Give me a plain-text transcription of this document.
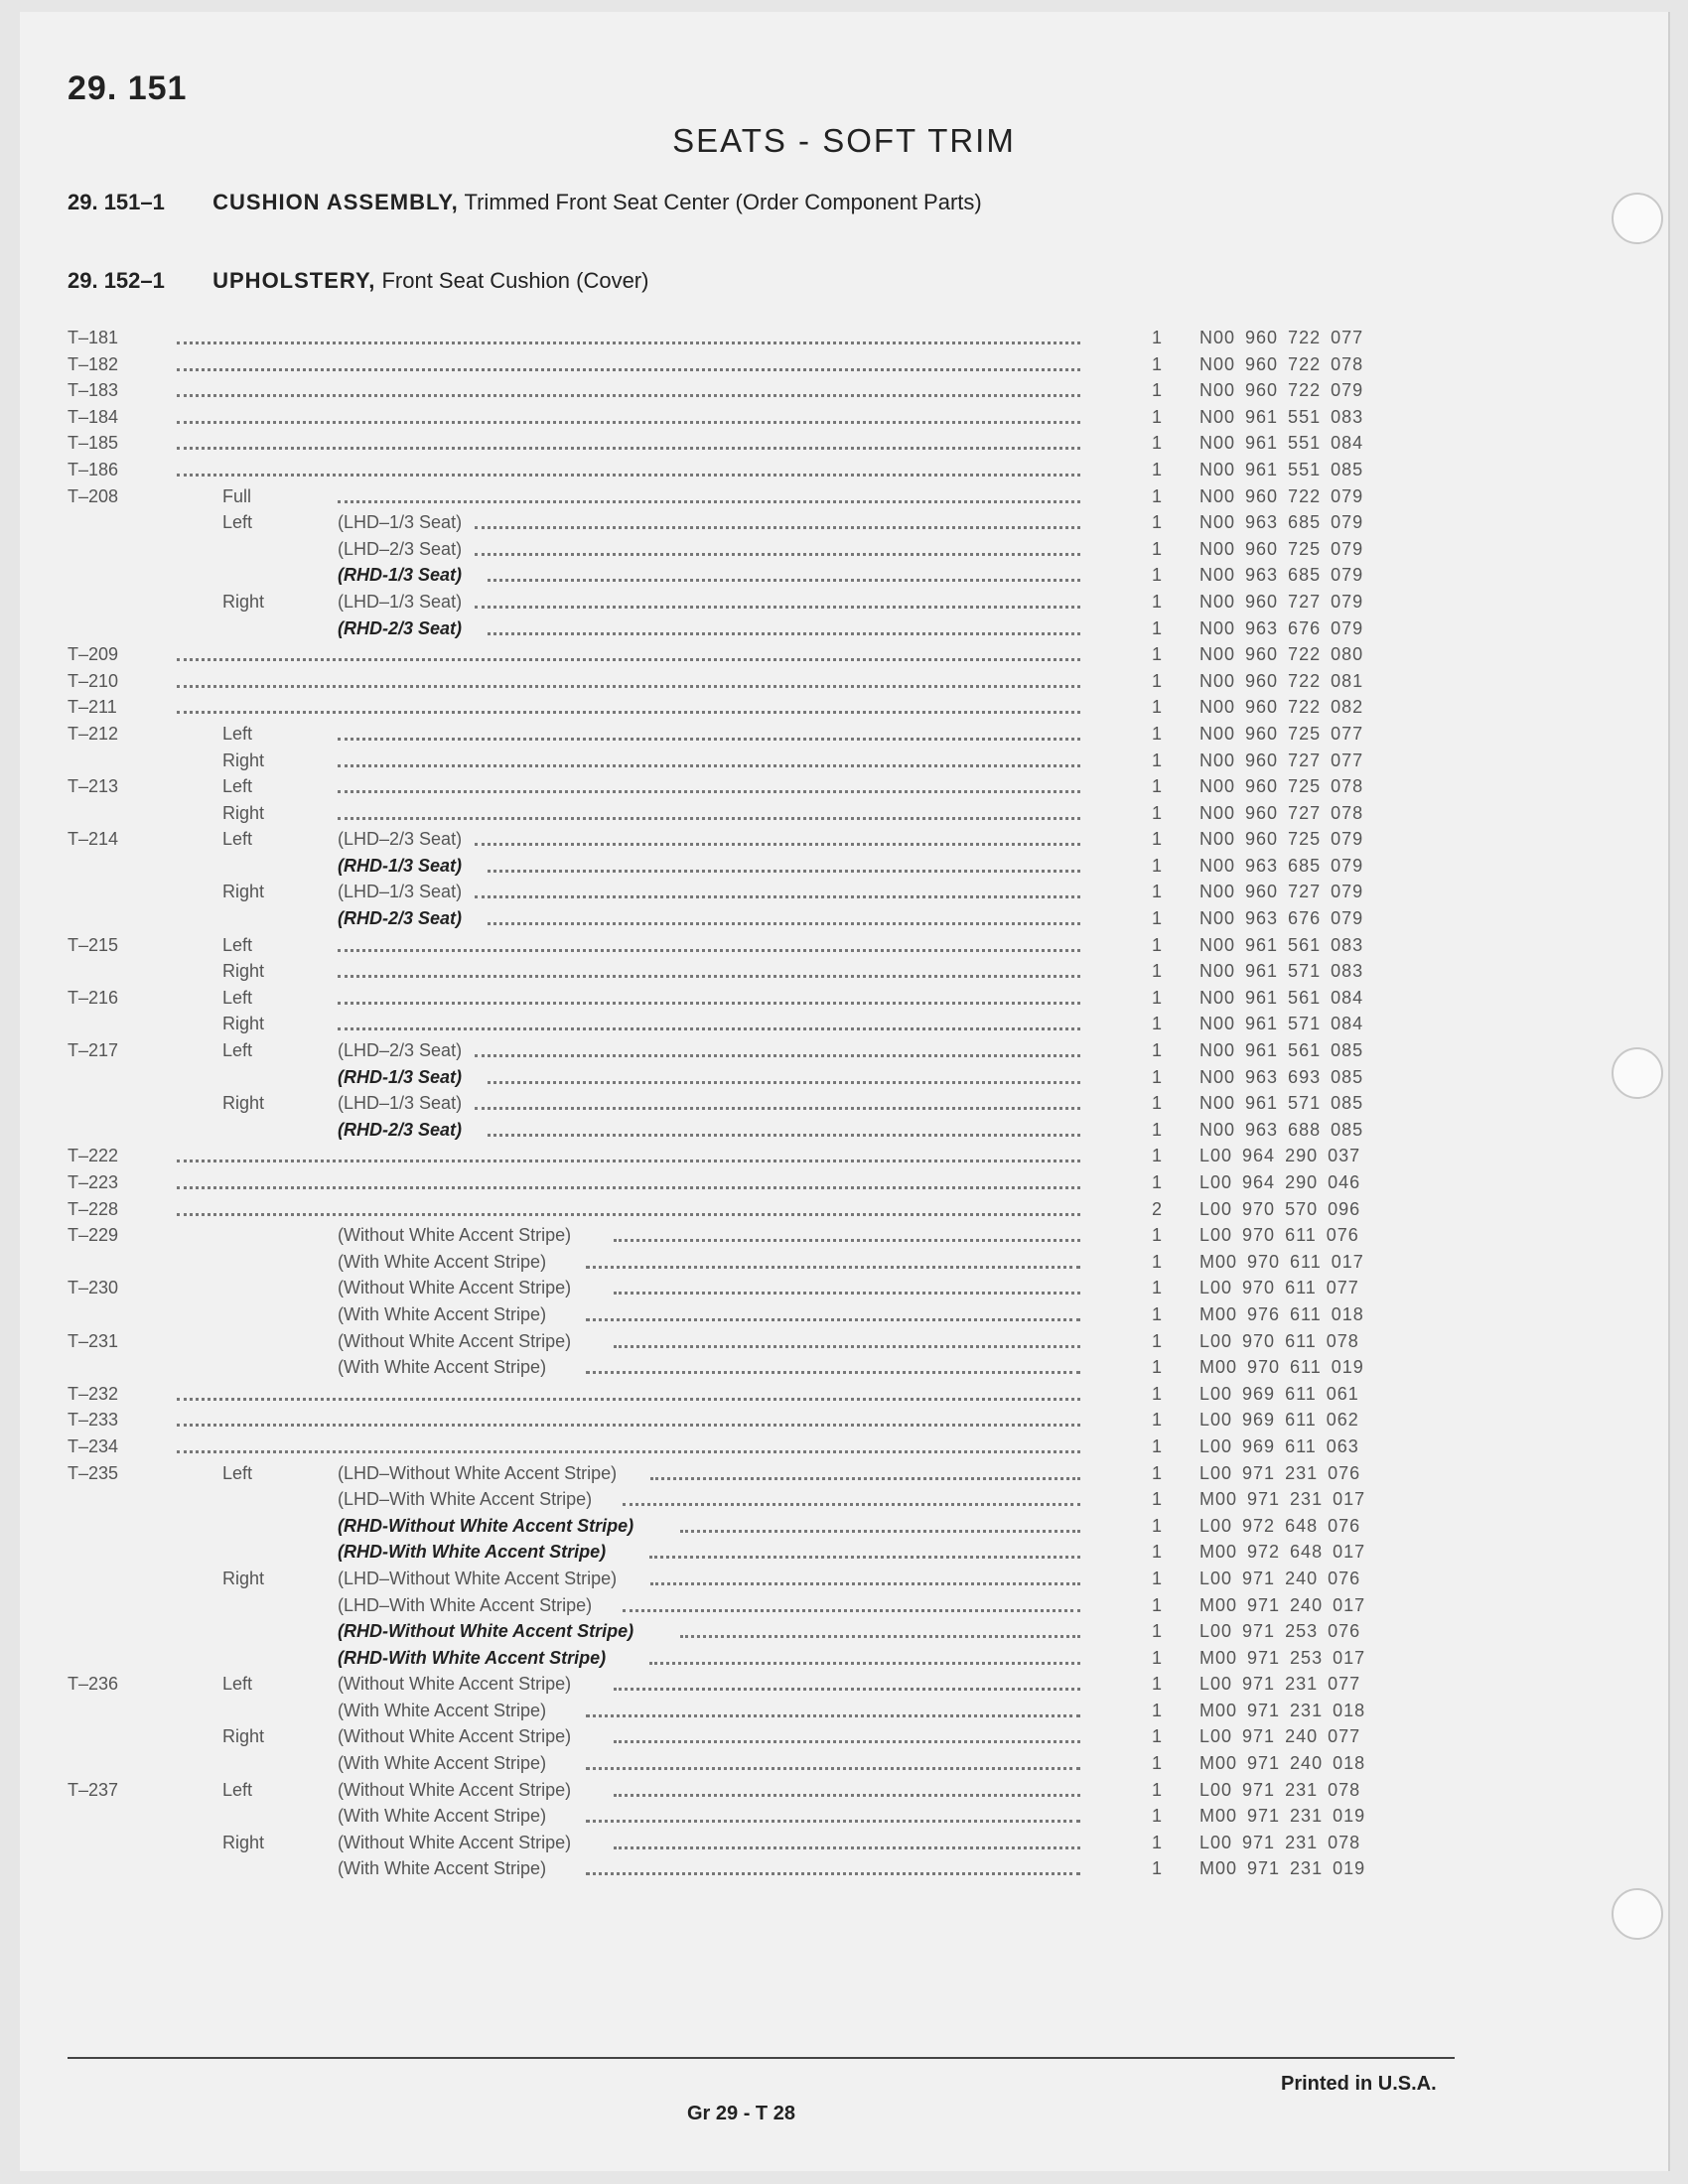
29. 151
SEATS - SOFT TRIM
29. 151–1 CUSHION ASSEMBLY, Trimmed Front Seat Center (Order Component Parts)
29. 152–1 UPHOLSTERY, Front Seat Cushion (Cover)
T–181	1	N00 960 722 077
T–182	1	N00 960 722 078
T–183	1	N00 960 722 079
T–184	1	N00 961 551 083
T–185	1	N00 961 551 084
T–186	1	N00 961 551 085
T–208	Full	1	N00 960 722 079
Left	(LHD–1/3 Seat)	1	N00 963 685 079
(LHD–2/3 Seat)	1	N00 960 725 079
(RHD-1/3 Seat)	1	N00 963 685 079
Right	(LHD–1/3 Seat)	1	N00 960 727 079
(RHD-2/3 Seat)	1	N00 963 676 079
T–209	1	N00 960 722 080
T–210	1	N00 960 722 081
T–211	1	N00 960 722 082
T–212	Left	1	N00 960 725 077
Right	1	N00 960 727 077
T–213	Left	1	N00 960 725 078
Right	1	N00 960 727 078
T–214	Left	(LHD–2/3 Seat)	1	N00 960 725 079
(RHD-1/3 Seat)	1	N00 963 685 079
Right	(LHD–1/3 Seat)	1	N00 960 727 079
(RHD-2/3 Seat)	1	N00 963 676 079
T–215	Left	1	N00 961 561 083
Right	1	N00 961 571 083
T–216	Left	1	N00 961 561 084
Right	1	N00 961 571 084
T–217	Left	(LHD–2/3 Seat)	1	N00 961 561 085
(RHD-1/3 Seat)	1	N00 963 693 085
Right	(LHD–1/3 Seat)	1	N00 961 571 085
(RHD-2/3 Seat)	1	N00 963 688 085
T–222	1	L00 964 290 037
T–223	1	L00 964 290 046
T–228	2	L00 970 570 096
T–229	(Without White Accent Stripe)	1	L00 970 611 076
(With White Accent Stripe)	1	M00 970 611 017
T–230	(Without White Accent Stripe)	1	L00 970 611 077
(With White Accent Stripe)	1	M00 976 611 018
T–231	(Without White Accent Stripe)	1	L00 970 611 078
(With White Accent Stripe)	1	M00 970 611 019
T–232	1	L00 969 611 061
T–233	1	L00 969 611 062
T–234	1	L00 969 611 063
T–235	Left	(LHD–Without White Accent Stripe)	1	L00 971 231 076
(LHD–With White Accent Stripe)	1	M00 971 231 017
(RHD-Without White Accent Stripe)	1	L00 972 648 076
(RHD-With White Accent Stripe)	1	M00 972 648 017
Right	(LHD–Without White Accent Stripe)	1	L00 971 240 076
(LHD–With White Accent Stripe)	1	M00 971 240 017
(RHD-Without White Accent Stripe)	1	L00 971 253 076
(RHD-With White Accent Stripe)	1	M00 971 253 017
T–236	Left	(Without White Accent Stripe)	1	L00 971 231 077
(With White Accent Stripe)	1	M00 971 231 018
Right	(Without White Accent Stripe)	1	L00 971 240 077
(With White Accent Stripe)	1	M00 971 240 018
T–237	Left	(Without White Accent Stripe)	1	L00 971 231 078
(With White Accent Stripe)	1	M00 971 231 019
Right	(Without White Accent Stripe)	1	L00 971 231 078
(With White Accent Stripe)	1	M00 971 231 019
Printed in U.S.A.
Gr 29 - T 28
